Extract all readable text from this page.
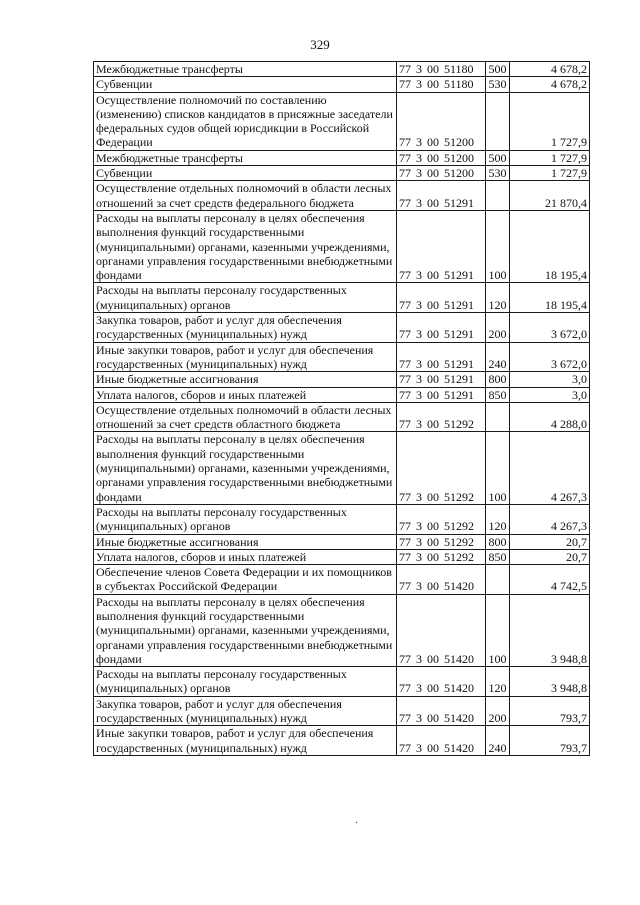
329
Межбюджетные трансферты	77 3 00 51180	500	4 678,2
Субвенции	77 3 00 51180	530	4 678,2
Осуществление полномочий по составлению (изменению) списков кандидатов в присяжные заседатели федеральных судов общей юрисдикции в Российской Федерации	77 3 00 51200		1 727,9
Межбюджетные трансферты	77 3 00 51200	500	1 727,9
Субвенции	77 3 00 51200	530	1 727,9
Осуществление отдельных полномочий в области лесных отношений за счет средств федерального бюджета	77 3 00 51291		21 870,4
Расходы на выплаты персоналу в целях обеспечения выполнения функций государственными (муниципальными) органами, казенными учреждениями, органами управления государственными внебюджетными фондами	77 3 00 51291	100	18 195,4
Расходы на выплаты персоналу государственных (муниципальных) органов	77 3 00 51291	120	18 195,4
Закупка товаров, работ и услуг для обеспечения государственных (муниципальных) нужд	77 3 00 51291	200	3 672,0
Иные закупки товаров, работ и услуг для обеспечения государственных (муниципальных) нужд	77 3 00 51291	240	3 672,0
Иные бюджетные ассигнования	77 3 00 51291	800	3,0
Уплата налогов, сборов и иных платежей	77 3 00 51291	850	3,0
Осуществление отдельных полномочий в области лесных отношений за счет средств областного бюджета	77 3 00 51292		4 288,0
Расходы на выплаты персоналу в целях обеспечения выполнения функций государственными (муниципальными) органами, казенными учреждениями, органами управления государственными внебюджетными фондами	77 3 00 51292	100	4 267,3
Расходы на выплаты персоналу государственных (муниципальных) органов	77 3 00 51292	120	4 267,3
Иные бюджетные ассигнования	77 3 00 51292	800	20,7
Уплата налогов, сборов и иных платежей	77 3 00 51292	850	20,7
Обеспечение членов Совета Федерации и их помощников в субъектах Российской Федерации	77 3 00 51420		4 742,5
Расходы на выплаты персоналу в целях обеспечения выполнения функций государственными (муниципальными) органами, казенными учреждениями, органами управления государственными внебюджетными фондами	77 3 00 51420	100	3 948,8
Расходы на выплаты персоналу государственных (муниципальных) органов	77 3 00 51420	120	3 948,8
Закупка товаров, работ и услуг для обеспечения государственных (муниципальных) нужд	77 3 00 51420	200	793,7
Иные закупки товаров, работ и услуг для обеспечения государственных (муниципальных) нужд	77 3 00 51420	240	793,7
·
